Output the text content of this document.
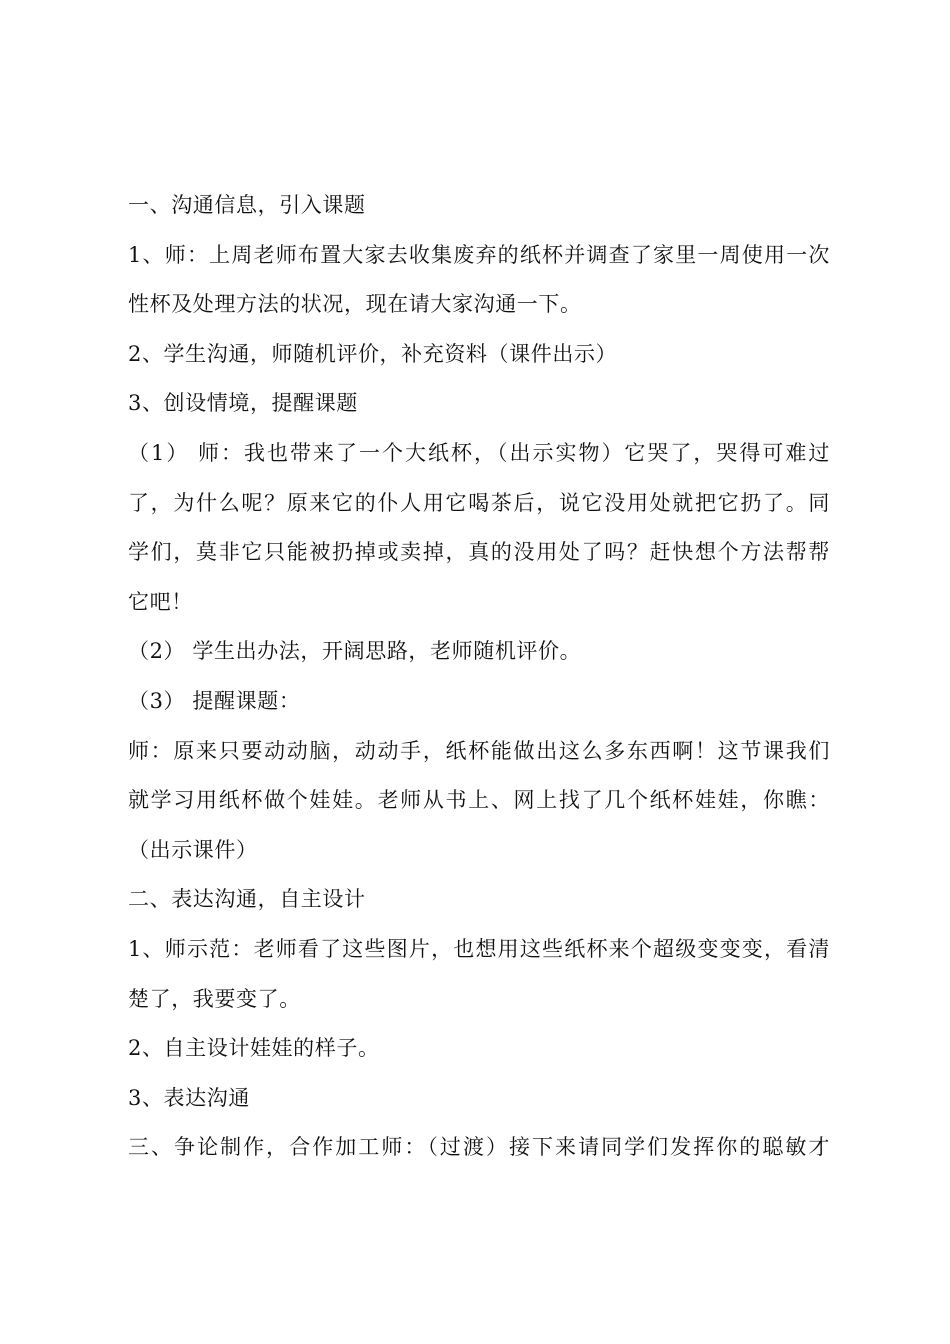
一、沟通信息，引入课题
1、师：上周老师布置大家去收集废弃的纸杯并调查了家里一周使用一次
性杯及处理方法的状况，现在请大家沟通一下。
2、学生沟通，师随机评价，补充资料（课件出示）
3、创设情境，提醒课题
（1） 师：我也带来了一个大纸杯，（出示实物）它哭了，哭得可难过
了，为什么呢？原来它的仆人用它喝茶后，说它没用处就把它扔了。同
学们，莫非它只能被扔掉或卖掉，真的没用处了吗？赶快想个方法帮帮
它吧！
（2） 学生出办法，开阔思路，老师随机评价。
（3） 提醒课题：
师：原来只要动动脑，动动手，纸杯能做出这么多东西啊！这节课我们
就学习用纸杯做个娃娃。老师从书上、网上找了几个纸杯娃娃，你瞧：
（出示课件）
二、表达沟通，自主设计
1、师示范：老师看了这些图片，也想用这些纸杯来个超级变变变，看清
楚了，我要变了。
2、自主设计娃娃的样子。
3、表达沟通
三、争论制作，合作加工师：（过渡）接下来请同学们发挥你的聪敏才
